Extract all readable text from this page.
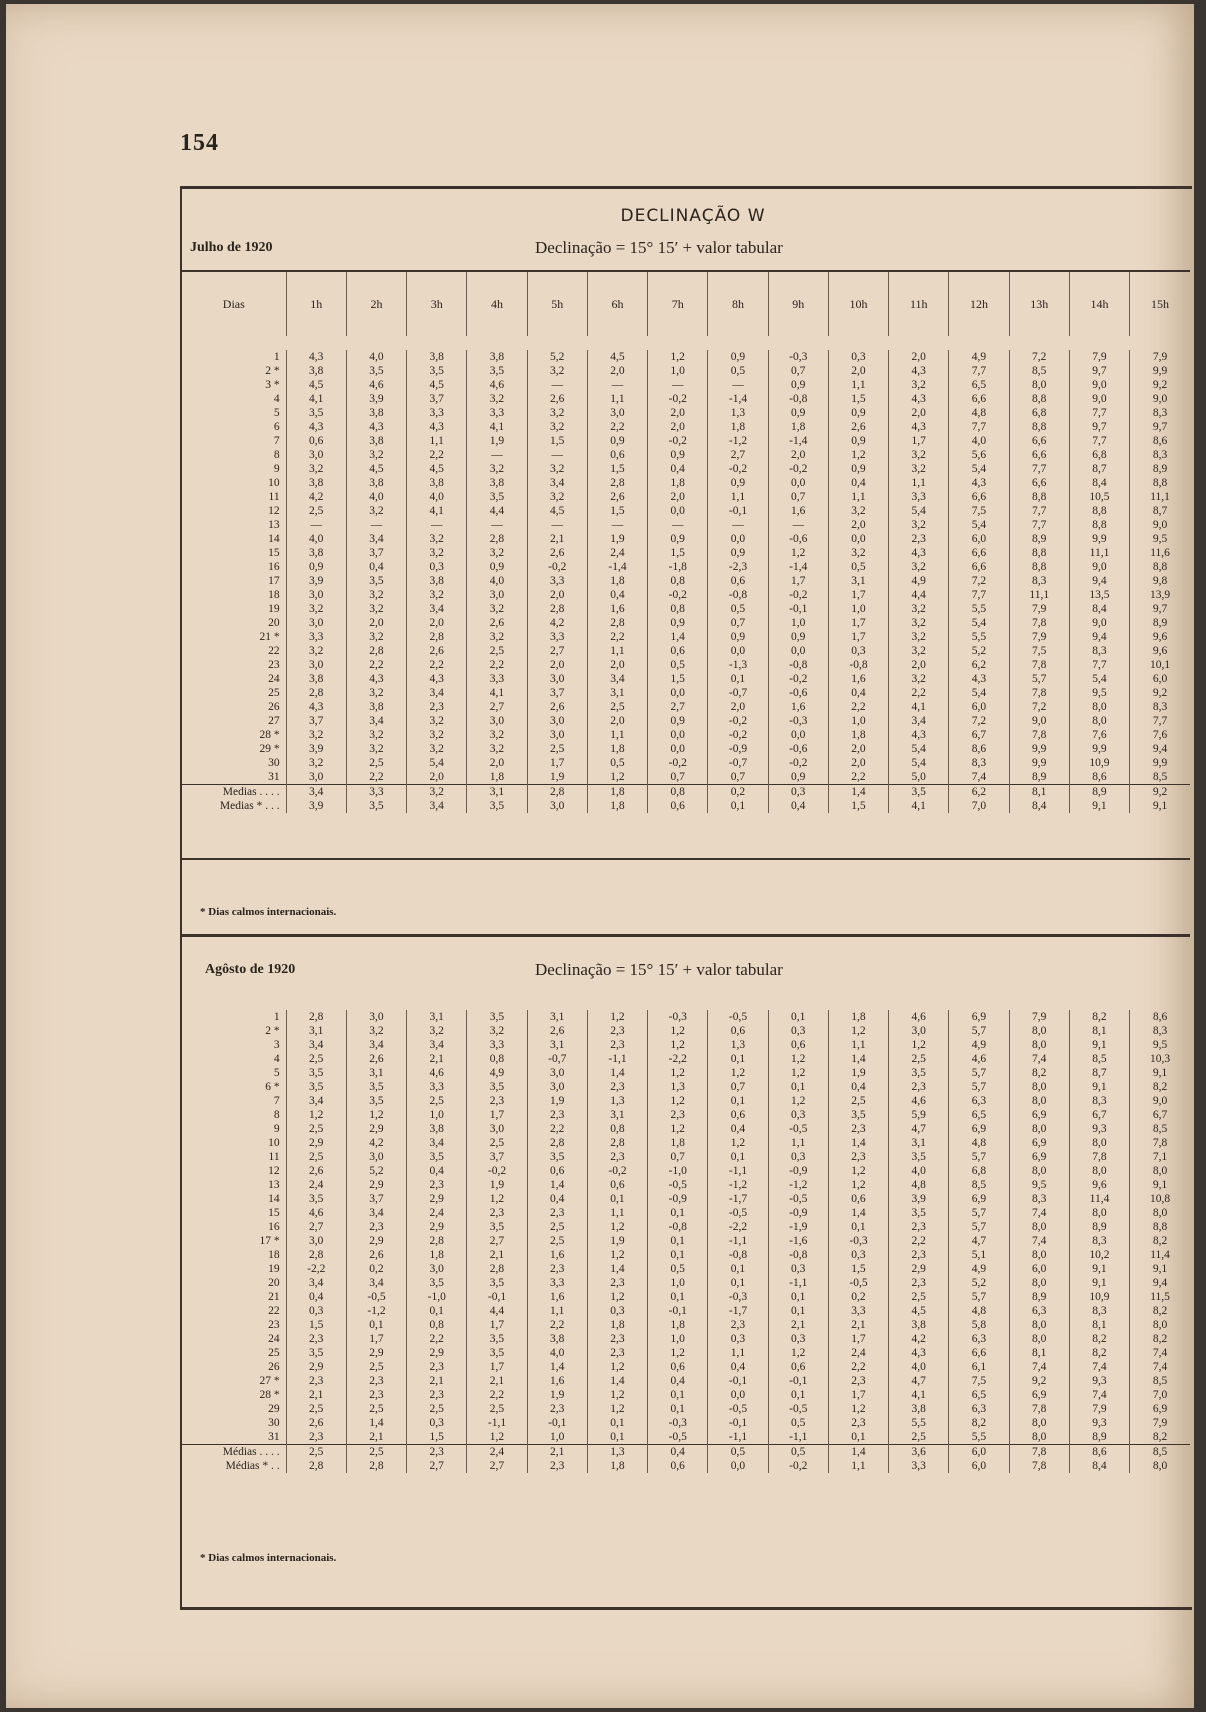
154
DECLINAÇÃO W
Julho de 1920	Declinação = 15° 15′ + valor tabular
Dias	1h	2h	3h	4h	5h	6h	7h	8h	9h	10h	11h	12h	13h	14h	15h

1	4,3	4,0	3,8	3,8	5,2	4,5	1,2	0,9	-0,3	0,3	2,0	4,9	7,2	7,9	7,9
2 *	3,8	3,5	3,5	3,5	3,2	2,0	1,0	0,5	0,7	2,0	4,3	7,7	8,5	9,7	9,9
3 *	4,5	4,6	4,5	4,6	—	—	—	—	0,9	1,1	3,2	6,5	8,0	9,0	9,2
4	4,1	3,9	3,7	3,2	2,6	1,1	-0,2	-1,4	-0,8	1,5	4,3	6,6	8,8	9,0	9,0
5	3,5	3,8	3,3	3,3	3,2	3,0	2,0	1,3	0,9	0,9	2,0	4,8	6,8	7,7	8,3
6	4,3	4,3	4,3	4,1	3,2	2,2	2,0	1,8	1,8	2,6	4,3	7,7	8,8	9,7	9,7
7	0,6	3,8	1,1	1,9	1,5	0,9	-0,2	-1,2	-1,4	0,9	1,7	4,0	6,6	7,7	8,6
8	3,0	3,2	2,2	—	—	0,6	0,9	2,7	2,0	1,2	3,2	5,6	6,6	6,8	8,3
9	3,2	4,5	4,5	3,2	3,2	1,5	0,4	-0,2	-0,2	0,9	3,2	5,4	7,7	8,7	8,9
10	3,8	3,8	3,8	3,8	3,4	2,8	1,8	0,9	0,0	0,4	1,1	4,3	6,6	8,4	8,8
11	4,2	4,0	4,0	3,5	3,2	2,6	2,0	1,1	0,7	1,1	3,3	6,6	8,8	10,5	11,1
12	2,5	3,2	4,1	4,4	4,5	1,5	0,0	-0,1	1,6	3,2	5,4	7,5	7,7	8,8	8,7
13	—	—	—	—	—	—	—	—	—	2,0	3,2	5,4	7,7	8,8	9,0
14	4,0	3,4	3,2	2,8	2,1	1,9	0,9	0,0	-0,6	0,0	2,3	6,0	8,9	9,9	9,5
15	3,8	3,7	3,2	3,2	2,6	2,4	1,5	0,9	1,2	3,2	4,3	6,6	8,8	11,1	11,6
16	0,9	0,4	0,3	0,9	-0,2	-1,4	-1,8	-2,3	-1,4	0,5	3,2	6,6	8,8	9,0	8,8
17	3,9	3,5	3,8	4,0	3,3	1,8	0,8	0,6	1,7	3,1	4,9	7,2	8,3	9,4	9,8
18	3,0	3,2	3,2	3,0	2,0	0,4	-0,2	-0,8	-0,2	1,7	4,4	7,7	11,1	13,5	13,9
19	3,2	3,2	3,4	3,2	2,8	1,6	0,8	0,5	-0,1	1,0	3,2	5,5	7,9	8,4	9,7
20	3,0	2,0	2,0	2,6	4,2	2,8	0,9	0,7	1,0	1,7	3,2	5,4	7,8	9,0	8,9
21 *	3,3	3,2	2,8	3,2	3,3	2,2	1,4	0,9	0,9	1,7	3,2	5,5	7,9	9,4	9,6
22	3,2	2,8	2,6	2,5	2,7	1,1	0,6	0,0	0,0	0,3	3,2	5,2	7,5	8,3	9,6
23	3,0	2,2	2,2	2,2	2,0	2,0	0,5	-1,3	-0,8	-0,8	2,0	6,2	7,8	7,7	10,1
24	3,8	4,3	4,3	3,3	3,0	3,4	1,5	0,1	-0,2	1,6	3,2	4,3	5,7	5,4	6,0
25	2,8	3,2	3,4	4,1	3,7	3,1	0,0	-0,7	-0,6	0,4	2,2	5,4	7,8	9,5	9,2
26	4,3	3,8	2,3	2,7	2,6	2,5	2,7	2,0	1,6	2,2	4,1	6,0	7,2	8,0	8,3
27	3,7	3,4	3,2	3,0	3,0	2,0	0,9	-0,2	-0,3	1,0	3,4	7,2	9,0	8,0	7,7
28 *	3,2	3,2	3,2	3,2	3,0	1,1	0,0	-0,2	0,0	1,8	4,3	6,7	7,8	7,6	7,6
29 *	3,9	3,2	3,2	3,2	2,5	1,8	0,0	-0,9	-0,6	2,0	5,4	8,6	9,9	9,9	9,4
30	3,2	2,5	5,4	2,0	1,7	0,5	-0,2	-0,7	-0,2	2,0	5,4	8,3	9,9	10,9	9,9
31	3,0	2,2	2,0	1,8	1,9	1,2	0,7	0,7	0,9	2,2	5,0	7,4	8,9	8,6	8,5
Medias . . . .	3,4	3,3	3,2	3,1	2,8	1,8	0,8	0,2	0,3	1,4	3,5	6,2	8,1	8,9	9,2
Medias * . . .	3,9	3,5	3,4	3,5	3,0	1,8	0,6	0,1	0,4	1,5	4,1	7,0	8,4	9,1	9,1
* Dias calmos internacionais.
Agôsto de 1920	Declinação = 15° 15′ + valor tabular

1	2,8	3,0	3,1	3,5	3,1	1,2	-0,3	-0,5	0,1	1,8	4,6	6,9	7,9	8,2	8,6
2 *	3,1	3,2	3,2	3,2	2,6	2,3	1,2	0,6	0,3	1,2	3,0	5,7	8,0	8,1	8,3
3	3,4	3,4	3,4	3,3	3,1	2,3	1,2	1,3	0,6	1,1	1,2	4,9	8,0	9,1	9,5
4	2,5	2,6	2,1	0,8	-0,7	-1,1	-2,2	0,1	1,2	1,4	2,5	4,6	7,4	8,5	10,3
5	3,5	3,1	4,6	4,9	3,0	1,4	1,2	1,2	1,2	1,9	3,5	5,7	8,2	8,7	9,1
6 *	3,5	3,5	3,3	3,5	3,0	2,3	1,3	0,7	0,1	0,4	2,3	5,7	8,0	9,1	8,2
7	3,4	3,5	2,5	2,3	1,9	1,3	1,2	0,1	1,2	2,5	4,6	6,3	8,0	8,3	9,0
8	1,2	1,2	1,0	1,7	2,3	3,1	2,3	0,6	0,3	3,5	5,9	6,5	6,9	6,7	6,7
9	2,5	2,9	3,8	3,0	2,2	0,8	1,2	0,4	-0,5	2,3	4,7	6,9	8,0	9,3	8,5
10	2,9	4,2	3,4	2,5	2,8	2,8	1,8	1,2	1,1	1,4	3,1	4,8	6,9	8,0	7,8
11	2,5	3,0	3,5	3,7	3,5	2,3	0,7	0,1	0,3	2,3	3,5	5,7	6,9	7,8	7,1
12	2,6	5,2	0,4	-0,2	0,6	-0,2	-1,0	-1,1	-0,9	1,2	4,0	6,8	8,0	8,0	8,0
13	2,4	2,9	2,3	1,9	1,4	0,6	-0,5	-1,2	-1,2	1,2	4,8	8,5	9,5	9,6	9,1
14	3,5	3,7	2,9	1,2	0,4	0,1	-0,9	-1,7	-0,5	0,6	3,9	6,9	8,3	11,4	10,8
15	4,6	3,4	2,4	2,3	2,3	1,1	0,1	-0,5	-0,9	1,4	3,5	5,7	7,4	8,0	8,0
16	2,7	2,3	2,9	3,5	2,5	1,2	-0,8	-2,2	-1,9	0,1	2,3	5,7	8,0	8,9	8,8
17 *	3,0	2,9	2,8	2,7	2,5	1,9	0,1	-1,1	-1,6	-0,3	2,2	4,7	7,4	8,3	8,2
18	2,8	2,6	1,8	2,1	1,6	1,2	0,1	-0,8	-0,8	0,3	2,3	5,1	8,0	10,2	11,4
19	-2,2	0,2	3,0	2,8	2,3	1,4	0,5	0,1	0,3	1,5	2,9	4,9	6,0	9,1	9,1
20	3,4	3,4	3,5	3,5	3,3	2,3	1,0	0,1	-1,1	-0,5	2,3	5,2	8,0	9,1	9,4
21	0,4	-0,5	-1,0	-0,1	1,6	1,2	0,1	-0,3	0,1	0,2	2,5	5,7	8,9	10,9	11,5
22	0,3	-1,2	0,1	4,4	1,1	0,3	-0,1	-1,7	0,1	3,3	4,5	4,8	6,3	8,3	8,2
23	1,5	0,1	0,8	1,7	2,2	1,8	1,8	2,3	2,1	2,1	3,8	5,8	8,0	8,1	8,0
24	2,3	1,7	2,2	3,5	3,8	2,3	1,0	0,3	0,3	1,7	4,2	6,3	8,0	8,2	8,2
25	3,5	2,9	2,9	3,5	4,0	2,3	1,2	1,1	1,2	2,4	4,3	6,6	8,1	8,2	7,4
26	2,9	2,5	2,3	1,7	1,4	1,2	0,6	0,4	0,6	2,2	4,0	6,1	7,4	7,4	7,4
27 *	2,3	2,3	2,1	2,1	1,6	1,4	0,4	-0,1	-0,1	2,3	4,7	7,5	9,2	9,3	8,5
28 *	2,1	2,3	2,3	2,2	1,9	1,2	0,1	0,0	0,1	1,7	4,1	6,5	6,9	7,4	7,0
29	2,5	2,5	2,5	2,5	2,3	1,2	0,1	-0,5	-0,5	1,2	3,8	6,3	7,8	7,9	6,9
30	2,6	1,4	0,3	-1,1	-0,1	0,1	-0,3	-0,1	0,5	2,3	5,5	8,2	8,0	9,3	7,9
31	2,3	2,1	1,5	1,2	1,0	0,1	-0,5	-1,1	-1,1	0,1	2,5	5,5	8,0	8,9	8,2
Médias . . . .	2,5	2,5	2,3	2,4	2,1	1,3	0,4	0,5	0,5	1,4	3,6	6,0	7,8	8,6	8,5
Médias * . .	2,8	2,8	2,7	2,7	2,3	1,8	0,6	0,0	-0,2	1,1	3,3	6,0	7,8	8,4	8,0
* Dias calmos internacionais.
